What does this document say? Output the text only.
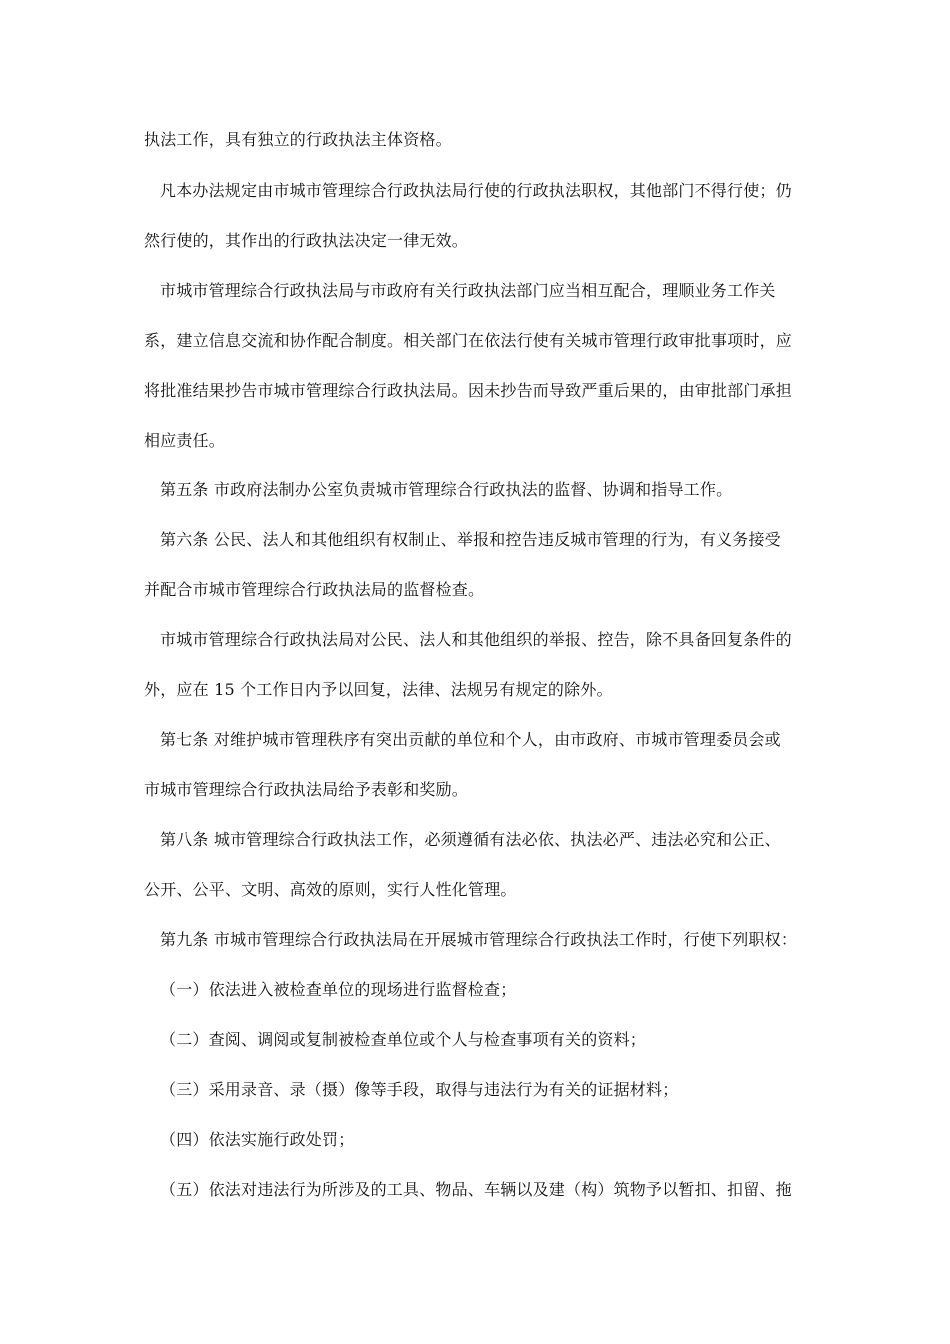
执法工作，具有独立的行政执法主体资格。
凡本办法规定由市城市管理综合行政执法局行使的行政执法职权，其他部门不得行使；仍
然行使的，其作出的行政执法决定一律无效。
市城市管理综合行政执法局与市政府有关行政执法部门应当相互配合，理顺业务工作关
系，建立信息交流和协作配合制度。相关部门在依法行使有关城市管理行政审批事项时，应
将批准结果抄告市城市管理综合行政执法局。因未抄告而导致严重后果的，由审批部门承担
相应责任。
第五条 市政府法制办公室负责城市管理综合行政执法的监督、协调和指导工作。
第六条 公民、法人和其他组织有权制止、举报和控告违反城市管理的行为，有义务接受
并配合市城市管理综合行政执法局的监督检查。
市城市管理综合行政执法局对公民、法人和其他组织的举报、控告，除不具备回复条件的
外，应在 15 个工作日内予以回复，法律、法规另有规定的除外。
第七条 对维护城市管理秩序有突出贡献的单位和个人，由市政府、市城市管理委员会或
市城市管理综合行政执法局给予表彰和奖励。
第八条 城市管理综合行政执法工作，必须遵循有法必依、执法必严、违法必究和公正、
公开、公平、文明、高效的原则，实行人性化管理。
第九条 市城市管理综合行政执法局在开展城市管理综合行政执法工作时，行使下列职权：
（一）依法进入被检查单位的现场进行监督检查；
（二）查阅、调阅或复制被检查单位或个人与检查事项有关的资料；
（三）采用录音、录（摄）像等手段，取得与违法行为有关的证据材料；
（四）依法实施行政处罚；
（五）依法对违法行为所涉及的工具、物品、车辆以及建（构）筑物予以暂扣、扣留、拖
